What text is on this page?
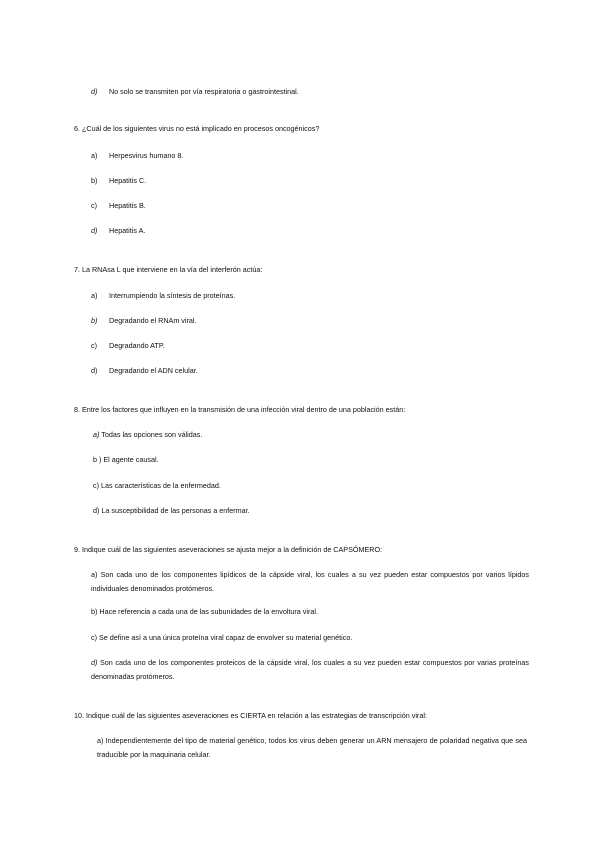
d) No solo se transmiten por vía respiratoria o gastrointestinal.
6. ¿Cuál de los siguientes virus no está implicado en procesos oncogénicos?
a) Herpesvirus humano 8.
b) Hepatitis C.
c) Hepatitis B.
d) Hepatitis A.
7. La RNAsa L que interviene en la vía del interferón actúa:
a) Interrumpiendo la síntesis de proteínas.
b) Degradando el RNAm viral.
c) Degradando ATP.
d) Degradando el ADN celular.
8. Entre los factores que influyen en la transmisión de una infección viral dentro de una población están:
a) Todas las opciones son válidas.
b ) El agente causal.
c) Las características de la enfermedad.
d) La susceptibilidad de las personas a enfermar.
9. Indique cuál de las siguientes aseveraciones se ajusta mejor a la definición de CAPSÓMERO:
a) Son cada uno de los componentes lipídicos de la cápside viral, los cuales a su vez pueden estar compuestos por varios lípidos individuales denominados protómeros.
b) Hace referencia a cada una de las subunidades de la envoltura viral.
c) Se define así a una única proteína viral capaz de envolver su material genético.
d) Son cada uno de los componentes proteicos de la cápside viral, los cuales a su vez pueden estar compuestos por varias proteínas denominadas protómeros.
10. Indique cuál de las siguientes aseveraciones es CIERTA en relación a las estrategias de transcripción viral:
a) Independientemente del tipo de material genético, todos los virus deben generar un ARN mensajero de polaridad negativa que sea traducible por la maquinaria celular.
